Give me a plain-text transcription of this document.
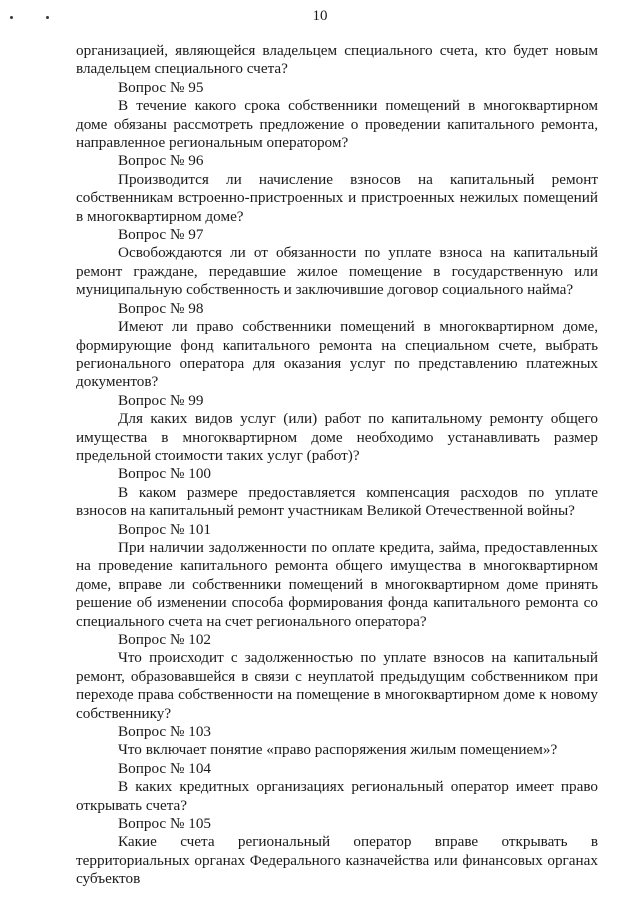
10

организацией, являющейся владельцем специального счета, кто будет новым владельцем специального счета?

Вопрос № 95

В течение какого срока собственники помещений в многоквартирном доме обязаны рассмотреть предложение о проведении капитального ремонта, направленное региональным оператором?

Вопрос № 96

Производится ли начисление взносов на капитальный ремонт собственникам встроенно-пристроенных и пристроенных нежилых помещений в многоквартирном доме?

Вопрос № 97

Освобождаются ли от обязанности по уплате взноса на капитальный ремонт граждане, передавшие жилое помещение в государственную или муниципальную собственность и заключившие договор социального найма?

Вопрос № 98

Имеют ли право собственники помещений в многоквартирном доме, формирующие фонд капитального ремонта на специальном счете, выбрать регионального оператора для оказания услуг по представлению платежных документов?

Вопрос № 99

Для каких видов услуг (или) работ по капитальному ремонту общего имущества в многоквартирном доме необходимо устанавливать размер предельной стоимости таких услуг (работ)?

Вопрос № 100

В каком размере предоставляется компенсация расходов по уплате взносов на капитальный ремонт участникам Великой Отечественной войны?

Вопрос № 101

При наличии задолженности по оплате кредита, займа, предоставленных на проведение капитального ремонта общего имущества в многоквартирном доме, вправе ли собственники помещений в многоквартирном доме принять решение об изменении способа формирования фонда капитального ремонта со специального счета на счет регионального оператора?

Вопрос № 102

Что происходит с задолженностью по уплате взносов на капитальный ремонт, образовавшейся в связи с неуплатой предыдущим собственником при переходе права собственности на помещение в многоквартирном доме к новому собственнику?

Вопрос № 103

Что включает понятие «право распоряжения жилым помещением»?

Вопрос № 104

В каких кредитных организациях региональный оператор имеет право открывать счета?

Вопрос № 105

Какие счета региональный оператор вправе открывать в территориальных органах Федерального казначейства или финансовых органах субъектов
